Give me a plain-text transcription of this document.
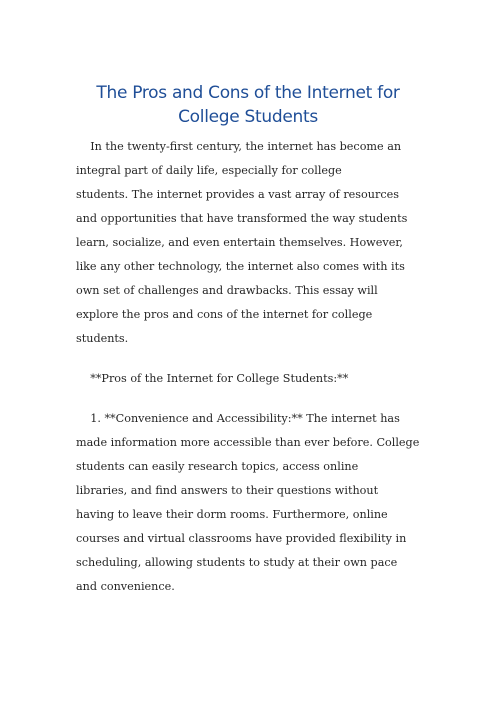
The Pros and Cons of the Internet for
College Students
In the twenty-first century, the internet has become an
integral part of daily life, especially for college
students. The internet provides a vast array of resources
and opportunities that have transformed the way students
learn, socialize, and even entertain themselves. However,
like any other technology, the internet also comes with its
own set of challenges and drawbacks. This essay will
explore the pros and cons of the internet for college
students.
**Pros of the Internet for College Students:**
1. **Convenience and Accessibility:** The internet has
made information more accessible than ever before. College
students can easily research topics, access online
libraries, and find answers to their questions without
having to leave their dorm rooms. Furthermore, online
courses and virtual classrooms have provided flexibility in
scheduling, allowing students to study at their own pace
and convenience.
